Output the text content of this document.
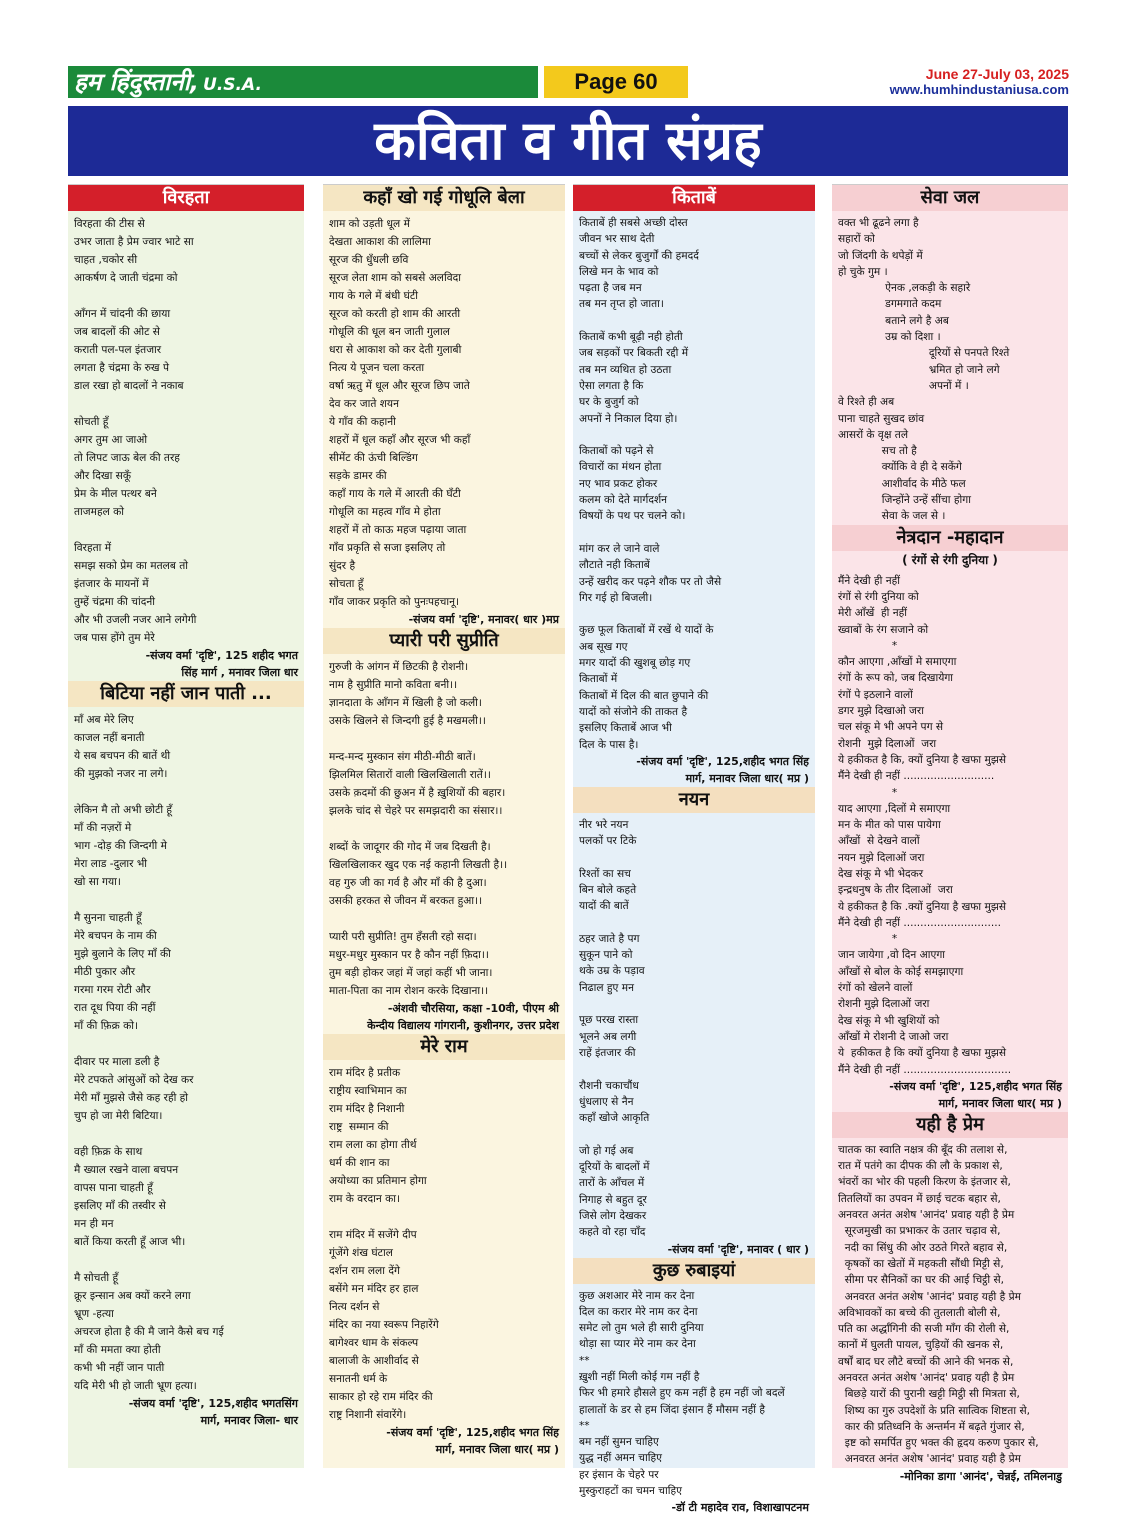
हम हिंदुस्तानी, U.S.A.	Page 60	June 27-July 03, 2025
www.humhindustaniusa.com
कविता व गीत संग्रह
विरहता
विरहता की टीस से
उभर जाता है प्रेम ज्वार भाटे सा
चाहत ,चकोर सी
आकर्षण दे जाती चंद्रमा को

आँगन में चांदनी की छाया
जब बादलों की ओट से
कराती पल-पल इंतजार
लगता है चंद्रमा के रुख पे
डाल रखा हो बादलों ने नकाब

सोचती हूँ
अगर तुम आ जाओ
तो लिपट जाऊ बेल की तरह
और दिखा सकूँ
प्रेम के मील पत्थर बने
ताजमहल को

विरहता में
समझ सको प्रेम का मतलब तो
इंतजार के मायनों में
तुम्हें चंद्रमा की चांदनी
और भी उजली नजर आने लगेगी
जब पास होंगे तुम मेरे
-संजय वर्मा 'दृष्टि', 125 शहीद भगत
सिंह मार्ग , मनावर जिला धार
बिटिया नहीं जान पाती ...
माँ अब मेरे लिए
काजल नहीं बनाती
ये सब बचपन की बातें थी
की मुझको नजर ना लगे।

लेकिन मै तो अभी छोटी हूँ
माँ की नज़रों मे
भाग -दोड़ की जिन्दगी मे
मेरा लाड -दुलार भी
खो सा गया।

मै सुनना चाहती हूँ
मेरे बचपन के नाम की
मुझे बुलाने के लिए माँ की
मीठी पुकार और
गरमा गरम रोटी और
रात दूध पिया की नहीं
माँ की फ़िक्र को।

दीवार पर माला डली है
मेरे टपकते आंसुओं को देख कर
मेरी माँ मुझसे जैसे कह रही हो
चुप हो जा मेरी बिटिया।

वही फ़िक्र के साथ
मै ख्याल रखने वाला बचपन
वापस पाना चाहती हूँ
इसलिए माँ की तस्वीर से
मन ही मन
बातें किया करती हूँ आज भी।

मै सोचती हूँ
क्रूर इन्सान अब क्यों करने लगा
भ्रूण -हत्या
अचरज होता है की मै जाने कैसे बच गई
माँ की ममता क्या होती
कभी भी नहीं जान पाती
यदि मेरी भी हो जाती भ्रूण हत्या।
-संजय वर्मा 'दृष्टि', 125,शहीद भगतसिंग
मार्ग, मनावर जिला- धार
कहाँ खो गई गोधूलि बेला
शाम को उड़ती धूल में
देखता आकाश की लालिमा
सूरज की धुँधली छवि
सूरज लेता शाम को सबसे अलविदा
गाय के गले में बंधी घंटी
सूरज को करती हो शाम की आरती
गोधूलि की धूल बन जाती गुलाल
धरा से आकाश को कर देती गुलाबी
नित्य ये पूजन चला करता
वर्षा ऋतु में धूल और सूरज छिप जाते
देव कर जाते शयन
ये गाँव की कहानी
शहरों में धूल कहाँ और सूरज भी कहाँ
सीमेंट की ऊंची बिल्डिंग
सड़के डामर की
कहाँ गाय के गले में आरती की घँटी
गोधूलि का महत्व गाँव मे होता
शहरों में तो काऊ महज पढ़ाया जाता
गाँव प्रकृति से सजा इसलिए तो
सुंदर है
सोचता हूँ
गाँव जाकर प्रकृति को पुनःपहचानू।
-संजय वर्मा 'दृष्टि', मनावर( धार )मप्र
प्यारी परी सुप्रीति
गुरुजी के आंगन में छिटकी है रोशनी।
नाम है सुप्रीति मानो कविता बनी।।
ज्ञानदाता के आँगन में खिली है जो कली।
उसके खिलने से जिन्दगी हुई है मखमली।।

मन्द-मन्द मुस्कान संग मीठी-मीठी बातें।
झिलमिल सितारों वाली खिलखिलाती रातें।।
उसके क़दमों की छुअन में है ख़ुशियों की बहार।
झलके चांद से चेहरे पर समझदारी का संसार।।

शब्दों के जादूगर की गोद में जब दिखती है।
खिलखिलाकर खुद एक नई कहानी लिखती है।।
वह गुरु जी का गर्व है और माँ की है दुआ।
उसकी हरकत से जीवन में बरकत हुआ।।

प्यारी परी सुप्रीति! तुम हँसती रहो सदा।
मधुर-मधुर मुस्कान पर है कौन नहीं फ़िदा।।
तुम बड़ी होकर जहां में जहां कहीं भी जाना।
माता-पिता का नाम रोशन करके दिखाना।।
-अंशवी चौरसिया, कक्षा -10वी, पीएम श्री
केन्दीय विद्यालय गांगरानी, कुशीनगर, उत्तर प्रदेश
मेरे राम
राम मंदिर है प्रतीक
राष्ट्रीय स्वाभिमान का
राम मंदिर है निशानी
राष्ट्र  सम्मान की
राम लला का होगा तीर्थ
धर्म की शान का
अयोध्या का प्रतिमान होगा
राम के वरदान का।

राम मंदिर में सजेंगे दीप
गूंजेंगे शंख घंटाल
दर्शन राम लला देंगे
बसेंगे मन मंदिर हर हाल
नित्य दर्शन से
मंदिर का नया स्वरूप निहारेंगे
बागेश्वर धाम के संकल्प
बालाजी के आशीर्वाद से
सनातनी धर्म के
साकार हो रहे राम मंदिर की
राष्ट्र निशानी संवारेंगे।
-संजय वर्मा 'दृष्टि', 125,शहीद भगत सिंह
मार्ग, मनावर जिला धार( मप्र )
किताबें
किताबें ही सबसे अच्छी दोस्त
जीवन भर साथ देती
बच्चों से लेकर बुजुर्गों की हमदर्द
लिखे मन के भाव को
पढ़ता है जब मन
तब मन तृप्त हो जाता।

किताबें कभी बूढ़ी नही होती
जब सड़कों पर बिकती रद्दी में
तब मन व्यथित हो उठता
ऐसा लगता है कि
घर के बुजुर्ग को
अपनों ने निकाल दिया हो।

किताबों को पढ़ने से
विचारों का मंथन होता
नए भाव प्रकट होकर
कलम को देते मार्गदर्शन
विषयों के पथ पर चलने को।

मांग कर ले जाने वाले
लौटाते नही किताबें
उन्हें खरीद कर पढ़ने शौक पर तो जैसे
गिर गई हो बिजली।

कुछ फूल किताबों में रखें थे यादों के
अब सूख गए
मगर यादों की खुशबू छोड़ गए
किताबों में
किताबों में दिल की बात छुपाने की
यादों को संजोने की ताकत है
इसलिए किताबें आज भी
दिल के पास है।
-संजय वर्मा 'दृष्टि', 125,शहीद भगत सिंह
मार्ग, मनावर जिला धार( मप्र )
नयन
नीर भरे नयन
पलकों पर टिके

रिश्तों का सच
बिन बोले कहते
यादों की बातें

ठहर जाते है पग
सुकून पाने को
थके उम्र के पड़ाव
निढाल हुए मन

पूछ परख रास्ता
भूलने अब लगी
राहें इंतजार की

रौशनी चकाचौंध
धुंधलाए से नैन
कहाँ खोजे आकृति

जो हो गई अब
दूरियों के बादलों में
तारों के आँचल में
निगाह से बहुत दूर
जिसे लोग देखकर
कहते वो रहा चाँद
-संजय वर्मा 'दृष्टि', मनावर ( धार )
कुछ रुबाइयां
कुछ अशआर मेरे नाम कर देना
दिल का करार मेरे नाम कर देना
समेट लो तुम भले ही सारी दुनिया
थोड़ा सा प्यार मेरे नाम कर देना
**
ख़ुशी नहीं मिली कोई गम नहीं है
फिर भी हमारे हौसले हुए कम नहीं है हम नहीं जो बदलें
हालातों के डर से हम जिंदा इंसान हैं मौसम नहीं है
**
बम नहीं सुमन चाहिए
युद्ध नहीं अमन चाहिए
हर इंसान के चेहरे पर
मुस्कुराहटों का चमन चाहिए
-डॉ टी महादेव राव, विशाखापटनम
सेवा जल
वक्त भी ढूढने लगा है
सहारों को
जो जिंदगी के थपेड़ों में
हो चुके गुम ।
ऐनक ,लकड़ी के सहारे
डगमगाते कदम
बताने लगे है अब
उम्र को दिशा ।
दूरियों से पनपते रिश्ते
भ्रमित हो जाने लगे
अपनों में ।
वे रिश्ते ही अब
पाना चाहते सुखद छांव
आसरों के वृक्ष तले
सच तो है
क्योंकि वे ही दे सकेंगे
आशीर्वाद के मीठे फल
जिन्होंने उन्हें सींचा होगा
सेवा के जल से ।
नेत्रदान -महादान
( रंगों से रंगी दुनिया )
मैंने देखी ही नहीं
रंगों से रंगी दुनिया को
मेरी आँखें  ही नहीं
ख्वाबों के रंग सजाने को
*
कौन आएगा ,आँखों मे समाएगा
रंगों के रूप को, जब दिखायेगा
रंगों पे इठलाने वालों
डगर मुझे दिखाओ जरा
चल संकू मे भी अपने पग से
रोशनी  मुझे दिलाओं  जरा
ये हकीकत है कि, क्यों दुनिया है खफा मुझसे
मैंने देखी ही नहीं ...........................
*
याद आएगा ,दिलों मे समाएगा
मन के मीत को पास पायेगा
आँखों  से देखने वालों
नयन मुझे दिलाओं जरा
देख संकू मे भी भेदकर
इन्द्रधनुष के तीर दिलाओं  जरा
ये हकीकत है कि .क्यों दुनिया है खफा मुझसे
मैंने देखी ही नहीं .............................
*
जान जायेगा ,वो दिन आएगा
आँखों से बोल के कोई समझाएगा
रंगों को खेलने वालों
रोशनी मुझे दिलाओं जरा
देख संकू मे भी खुशियों को
आँखों मे रोशनी दे जाओ जरा
ये  हकीकत है कि क्यों दुनिया है खफा मुझसे
मैंने देखी ही नहीं ................................
-संजय वर्मा 'दृष्टि', 125,शहीद भगत सिंह
मार्ग, मनावर जिला धार( मप्र )
यही है प्रेम
चातक का स्वाति नक्षत्र की बूँद की तलाश से,
रात में पतंगे का दीपक की लौ के प्रकाश से,
भंवरों का भोर की पहली किरण के इंतजार से,
तितलियों का उपवन में छाई चटक बहार से,
अनवरत अनंत अशेष 'आनंद' प्रवाह यही है प्रेम
सूरजमुखी का प्रभाकर के उतार चढ़ाव से,
नदी का सिंधु की ओर उठते गिरते बहाव से,
कृषकों का खेतों में महकती सौंधी मिट्टी से,
सीमा पर सैनिकों का घर की आई चिट्ठी से,
अनवरत अनंत अशेष 'आनंद' प्रवाह यही है प्रेम
अविभावकों का बच्चे की तुतलाती बोली से,
पति का अर्द्धांगिनी की सजी माँग की रोली से,
कानों में घुलती पायल, चुड़ियों की खनक से,
वर्षों बाद घर लौटे बच्चों की आने की भनक से,
अनवरत अनंत अशेष 'आनंद' प्रवाह यही है प्रेम
बिछड़े यारों की पुरानी खट्टी मिट्ठी सी मित्रता से,
शिष्य का गुरु उपदेशों के प्रति सात्विक शिष्टता से,
कार की प्रतिध्वनि के अन्तर्मन में बढ़ते गुंजार से,
इष्ट को समर्पित हुए भक्त की हृदय करुण पुकार से,
अनवरत अनंत अशेष 'आनंद' प्रवाह यही है प्रेम
-मोनिका डागा 'आनंद', चेन्नई, तमिलनाडु
